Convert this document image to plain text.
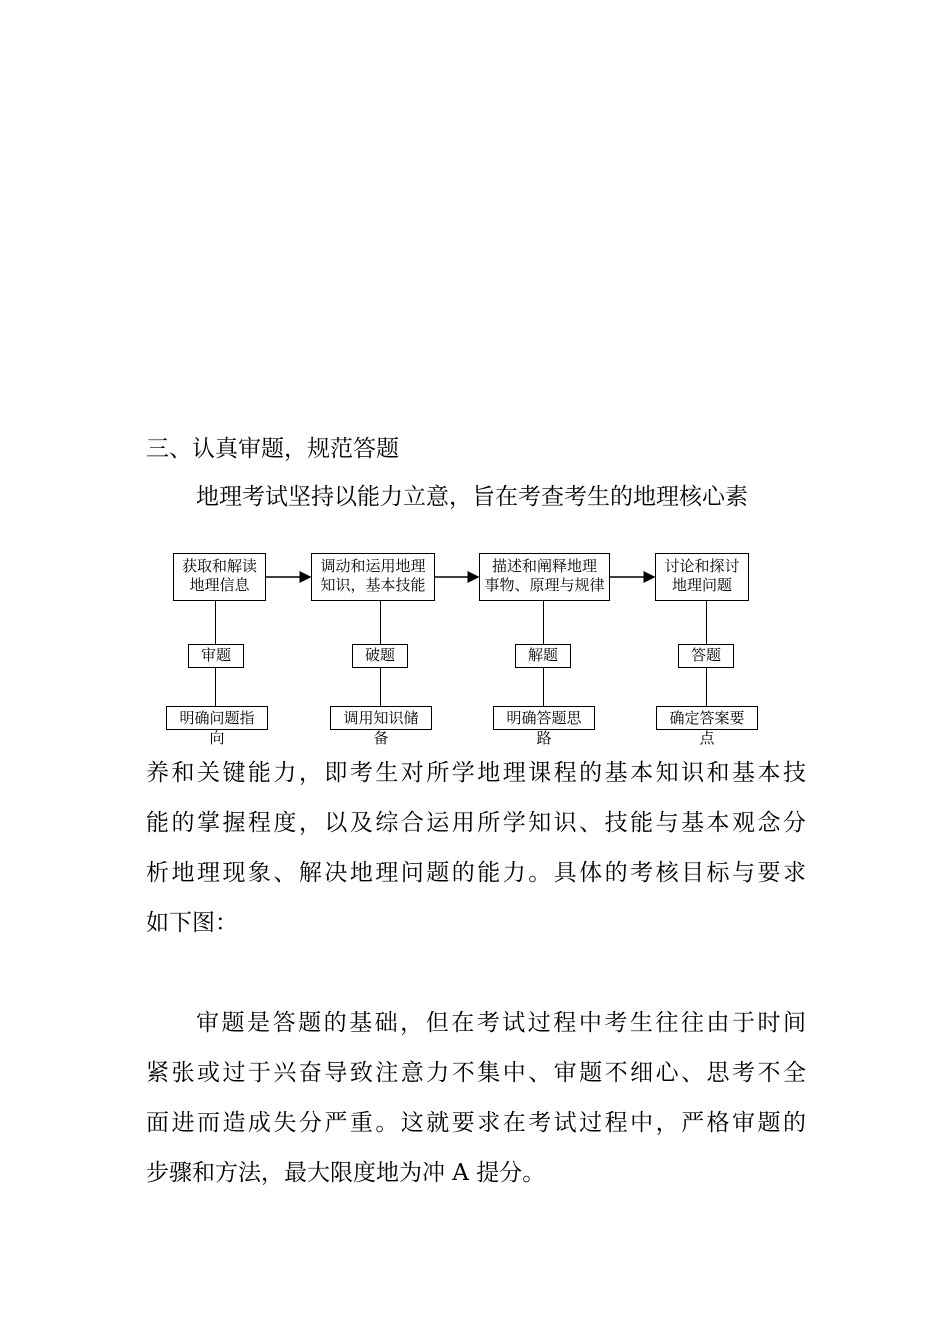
三、认真审题，规范答题
地理考试坚持以能力立意，旨在考查考生的地理核心素
获取和解读
地理信息
调动和运用地理
知识，基本技能
描述和阐释地理
事物、原理与规律
讨论和探讨
地理问题
审题	破题	解题	答题
明确问题指
向
调用知识储
备
明确答题思
路
确定答案要
点
养和关键能力，即考生对所学地理课程的基本知识和基本技
能的掌握程度，以及综合运用所学知识、技能与基本观念分
析地理现象、解决地理问题的能力。具体的考核目标与要求
如下图：
审题是答题的基础，但在考试过程中考生往往由于时间
紧张或过于兴奋导致注意力不集中、审题不细心、思考不全
面进而造成失分严重。这就要求在考试过程中，严格审题的
步骤和方法，最大限度地为冲 A 提分。
